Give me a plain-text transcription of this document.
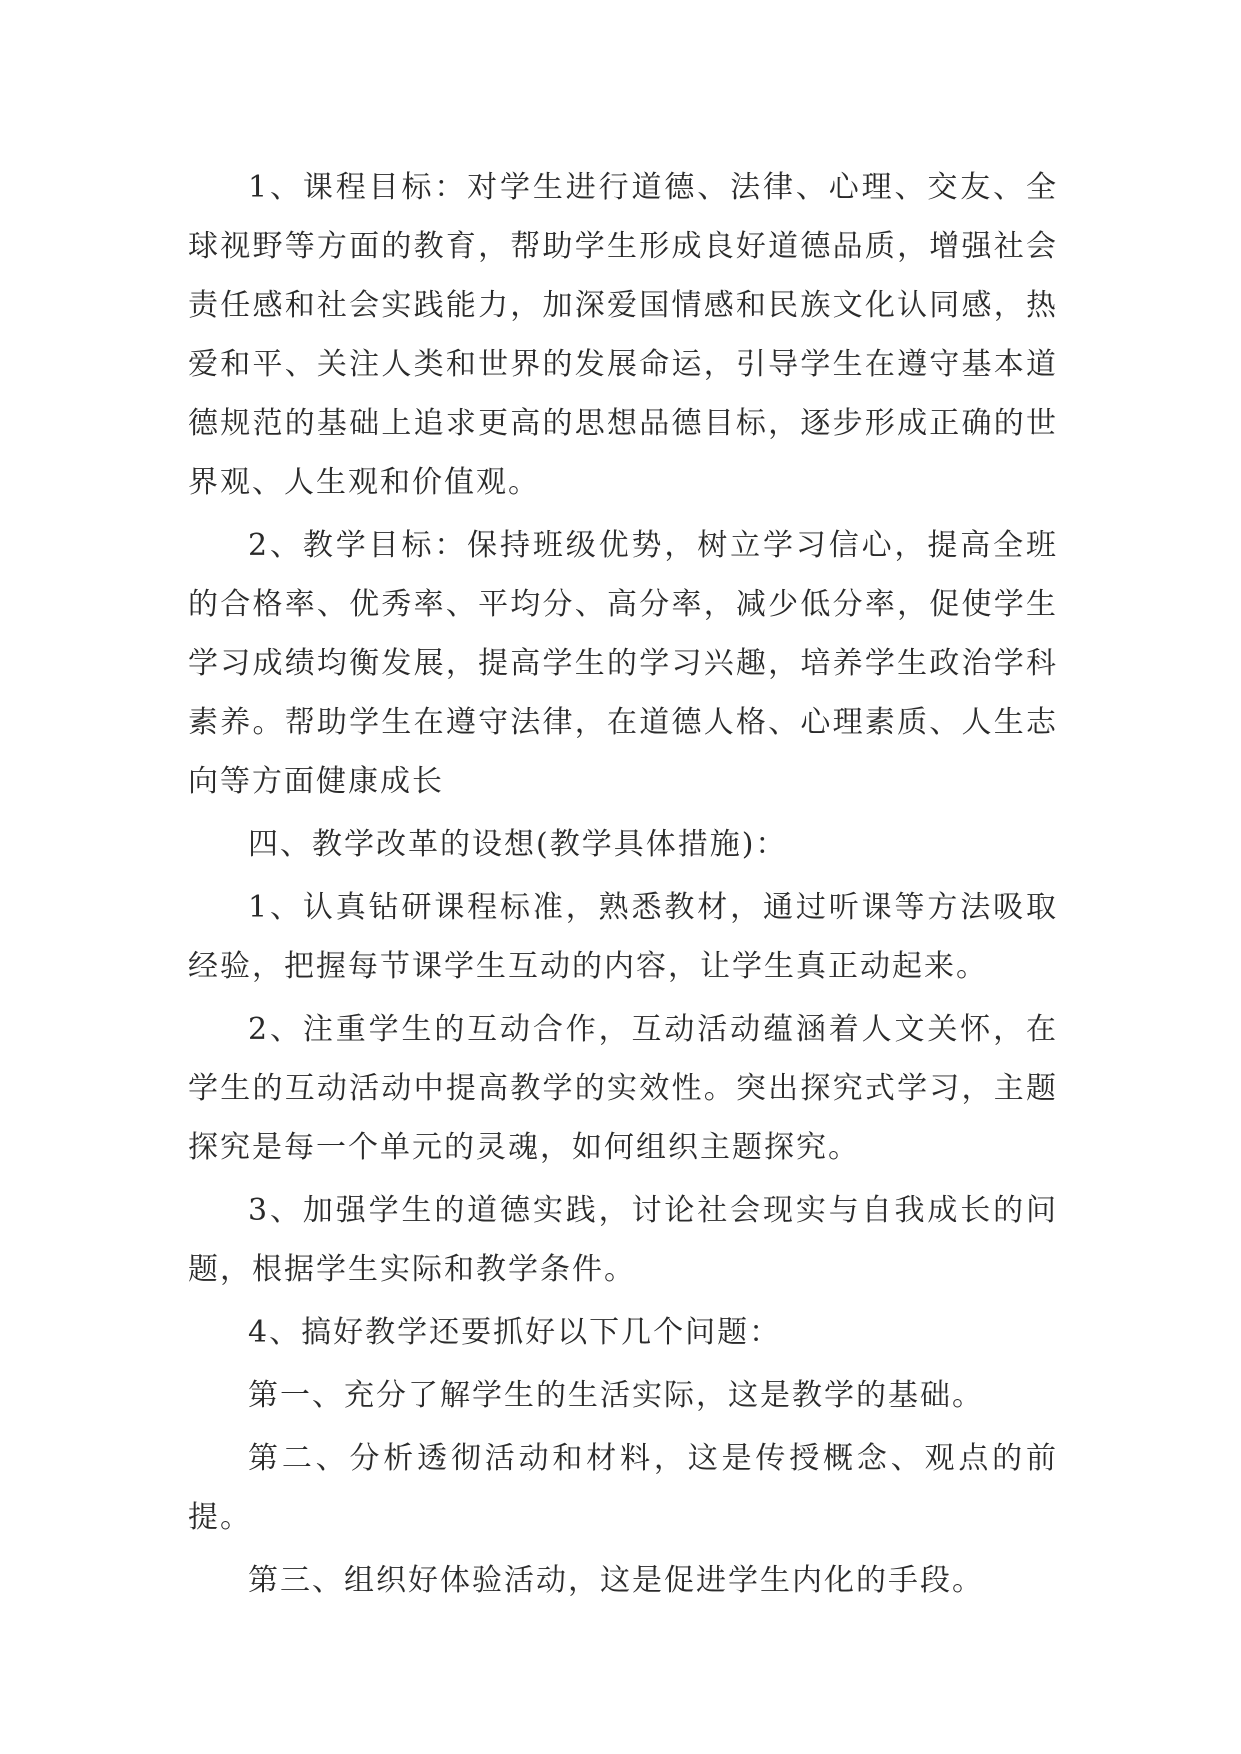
1、课程目标：对学生进行道德、法律、心理、交友、全球视野等方面的教育，帮助学生形成良好道德品质，增强社会责任感和社会实践能力，加深爱国情感和民族文化认同感，热爱和平、关注人类和世界的发展命运，引导学生在遵守基本道德规范的基础上追求更高的思想品德目标，逐步形成正确的世界观、人生观和价值观。

2、教学目标：保持班级优势，树立学习信心，提高全班的合格率、优秀率、平均分、高分率，减少低分率，促使学生学习成绩均衡发展，提高学生的学习兴趣，培养学生政治学科素养。帮助学生在遵守法律，在道德人格、心理素质、人生志向等方面健康成长

四、教学改革的设想(教学具体措施)：

1、认真钻研课程标准，熟悉教材，通过听课等方法吸取经验，把握每节课学生互动的内容，让学生真正动起来。

2、注重学生的互动合作，互动活动蕴涵着人文关怀，在学生的互动活动中提高教学的实效性。突出探究式学习，主题探究是每一个单元的灵魂，如何组织主题探究。

3、加强学生的道德实践，讨论社会现实与自我成长的问题，根据学生实际和教学条件。

4、搞好教学还要抓好以下几个问题：

第一、充分了解学生的生活实际，这是教学的基础。

第二、分析透彻活动和材料，这是传授概念、观点的前提。

第三、组织好体验活动，这是促进学生内化的手段。
